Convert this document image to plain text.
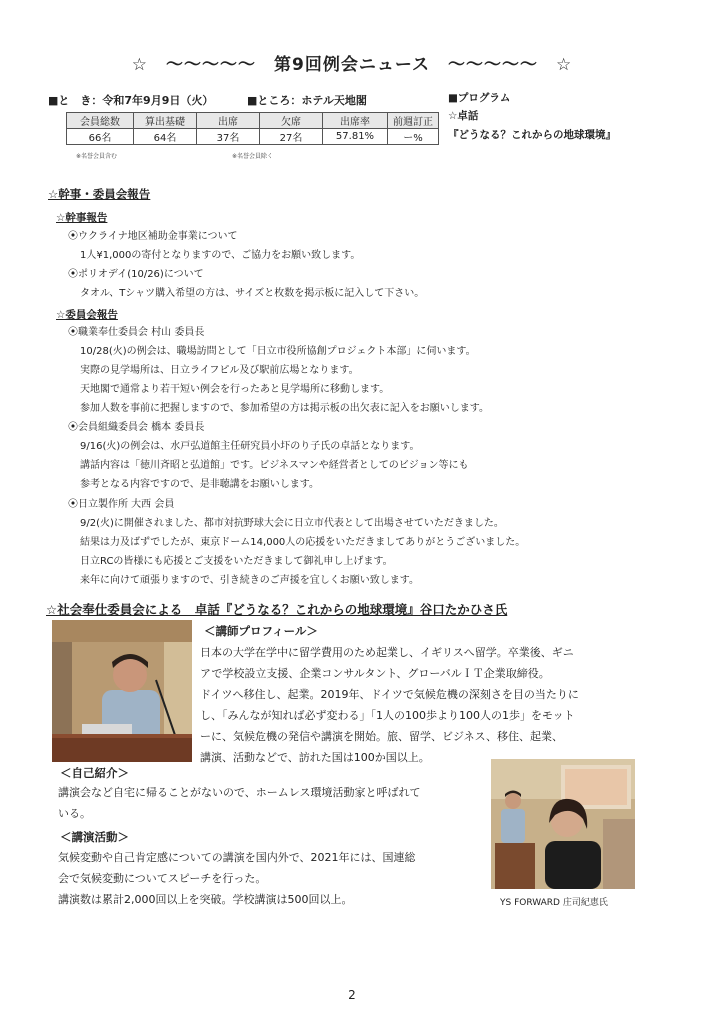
☆　～～～～～　第9回例会ニュース　～～～～～　☆
■と　き：令和7年9月9日（火）	■ところ：ホテル天地閣
会員総数	算出基礎	出席	欠席	出席率	前週訂正
66名	64名	37名	27名	57.81%	ー%
※名誉会員含む	※名誉会員除く
■プログラム
☆卓話
『どうなる？これからの地球環境』
☆幹事・委員会報告
☆幹事報告
⦿ウクライナ地区補助金事業について
1人¥1,000の寄付となりますので、ご協力をお願い致します。
⦿ポリオデイ(10/26)について
タオル、Tシャツ購入希望の方は、サイズと枚数を掲示板に記入して下さい。
☆委員会報告
⦿職業奉仕委員会 村山 委員長
10/28(火)の例会は、職場訪問として「日立市役所協創プロジェクト本部」に伺います。
実際の見学場所は、日立ライフピル及び駅前広場となります。
天地閣で通常より若干短い例会を行ったあと見学場所に移動します。
参加人数を事前に把握しますので、参加希望の方は掲示板の出欠表に記入をお願いします。
⦿会員組織委員会 橋本 委員長
9/16(火)の例会は、水戸弘道館主任研究員小圷のり子氏の卓話となります。
講話内容は「徳川斉昭と弘道館」です。ビジネスマンや経営者としてのビジョン等にも
参考となる内容ですので、是非聴講をお願いします。
⦿日立製作所 大西 会員
9/2(火)に開催されました、都市対抗野球大会に日立市代表として出場させていただきました。
結果は力及ばずでしたが、東京ドーム14,000人の応援をいただきましてありがとうございました。
日立RCの皆様にも応援とご支援をいただきまして御礼申し上げます。
来年に向けて頑張りますので、引き続きのご声援を宜しくお願い致します。
☆社会奉仕委員会による　卓話『どうなる？これからの地球環境』谷口たかひさ氏
＜講師プロフィール＞
日本の大学在学中に留学費用のため起業し、イギリスへ留学。卒業後、ギニ
アで学校設立支援、企業コンサルタント、グローバルＩＴ企業取締役。
ドイツへ移住し、起業。2019年、ドイツで気候危機の深刻さを目の当たりに
し、「みんなが知れば必ず変わる」「1人の100歩より100人の1歩」をモット
ーに、気候危機の発信や講演を開始。旅、留学、ビジネス、移住、起業、
講演、活動などで、訪れた国は100か国以上。
＜自己紹介＞
講演会など自宅に帰ることがないので、ホームレス環境活動家と呼ばれて
いる。
＜講演活動＞
気候変動や自己肯定感についての講演を国内外で、2021年には、国連総
会で気候変動についてスピーチを行った。
講演数は累計2,000回以上を突破。学校講演は500回以上。	YS FORWARD 庄司紀恵氏
2
